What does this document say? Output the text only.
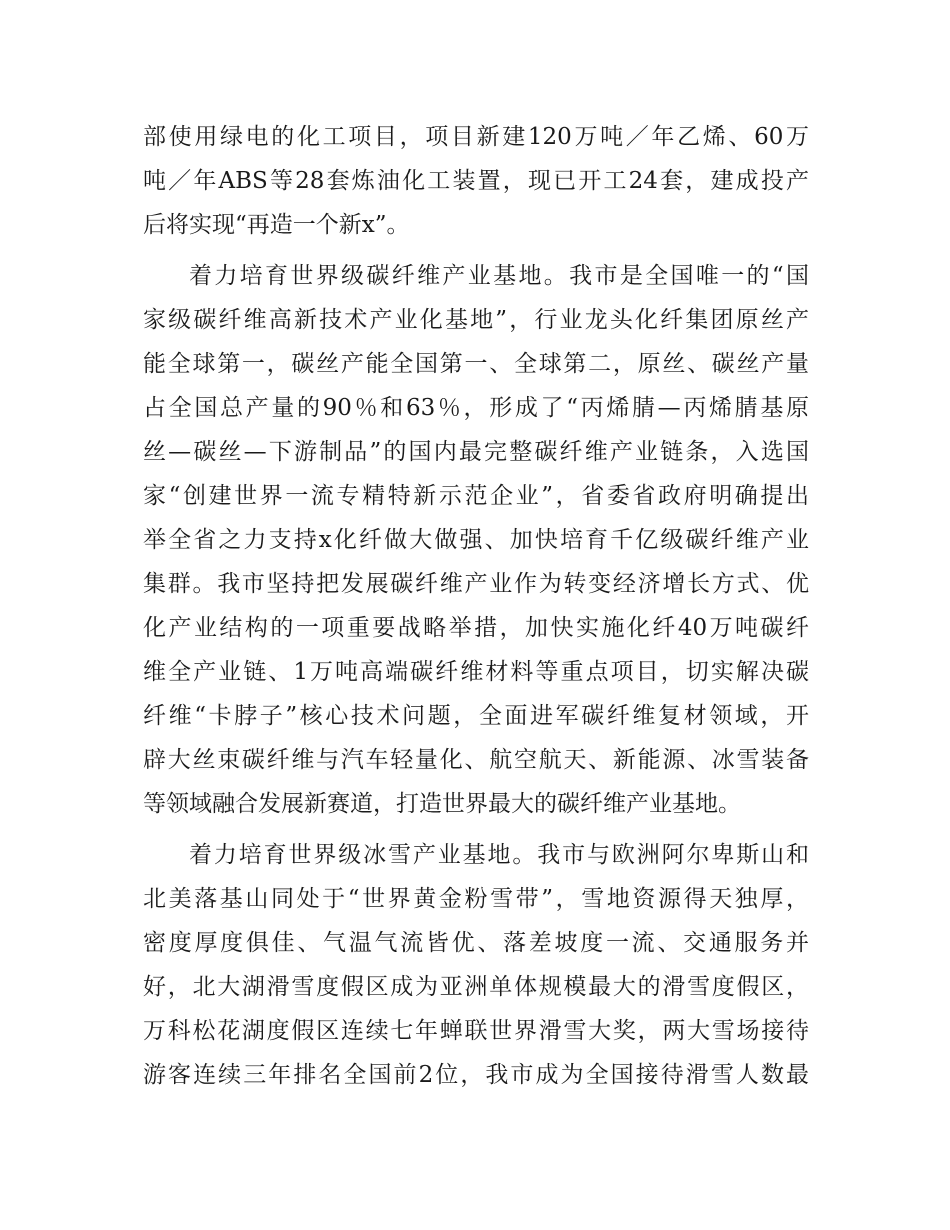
部使用绿电的化工项目，项目新建120万吨／年乙烯、60万
吨／年ABS等28套炼油化工装置，现已开工24套，建成投产
后将实现“再造一个新x”。
着力培育世界级碳纤维产业基地。我市是全国唯一的“国
家级碳纤维高新技术产业化基地”，行业龙头化纤集团原丝产
能全球第一，碳丝产能全国第一、全球第二，原丝、碳丝产量
占全国总产量的90％和63％，形成了“丙烯腈—丙烯腈基原
丝—碳丝—下游制品”的国内最完整碳纤维产业链条，入选国
家“创建世界一流专精特新示范企业”，省委省政府明确提出
举全省之力支持x化纤做大做强、加快培育千亿级碳纤维产业
集群。我市坚持把发展碳纤维产业作为转变经济增长方式、优
化产业结构的一项重要战略举措，加快实施化纤40万吨碳纤
维全产业链、1万吨高端碳纤维材料等重点项目，切实解决碳
纤维“卡脖子”核心技术问题，全面进军碳纤维复材领域，开
辟大丝束碳纤维与汽车轻量化、航空航天、新能源、冰雪装备
等领域融合发展新赛道，打造世界最大的碳纤维产业基地。
着力培育世界级冰雪产业基地。我市与欧洲阿尔卑斯山和
北美落基山同处于“世界黄金粉雪带”，雪地资源得天独厚，
密度厚度俱佳、气温气流皆优、落差坡度一流、交通服务并
好，北大湖滑雪度假区成为亚洲单体规模最大的滑雪度假区，
万科松花湖度假区连续七年蝉联世界滑雪大奖，两大雪场接待
游客连续三年排名全国前2位，我市成为全国接待滑雪人数最
